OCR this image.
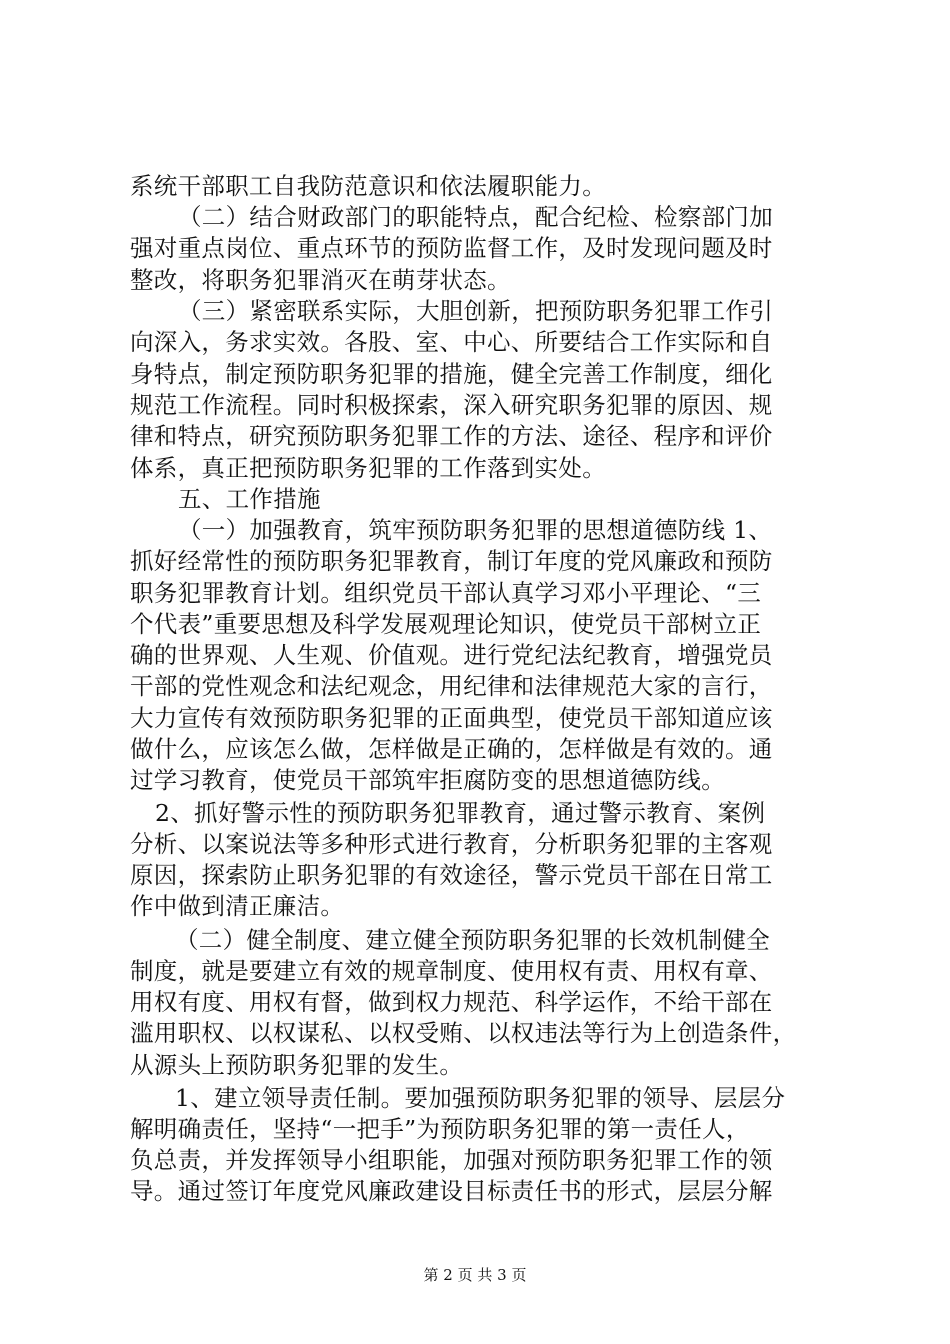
系统干部职工自我防范意识和依法履职能力。
（二）结合财政部门的职能特点，配合纪检、检察部门加
强对重点岗位、重点环节的预防监督工作，及时发现问题及时
整改，将职务犯罪消灭在萌芽状态。
（三）紧密联系实际，大胆创新，把预防职务犯罪工作引
向深入，务求实效。各股、室、中心、所要结合工作实际和自
身特点，制定预防职务犯罪的措施，健全完善工作制度，细化
规范工作流程。同时积极探索，深入研究职务犯罪的原因、规
律和特点，研究预防职务犯罪工作的方法、途径、程序和评价
体系，真正把预防职务犯罪的工作落到实处。
五、工作措施
（一）加强教育，筑牢预防职务犯罪的思想道德防线 1、
抓好经常性的预防职务犯罪教育，制订年度的党风廉政和预防
职务犯罪教育计划。组织党员干部认真学习邓小平理论、“三
个代表”重要思想及科学发展观理论知识，使党员干部树立正
确的世界观、人生观、价值观。进行党纪法纪教育，增强党员
干部的党性观念和法纪观念，用纪律和法律规范大家的言行，
大力宣传有效预防职务犯罪的正面典型，使党员干部知道应该
做什么，应该怎么做，怎样做是正确的，怎样做是有效的。通
过学习教育，使党员干部筑牢拒腐防变的思想道德防线。
2、抓好警示性的预防职务犯罪教育，通过警示教育、案例
分析、以案说法等多种形式进行教育，分析职务犯罪的主客观
原因，探索防止职务犯罪的有效途径，警示党员干部在日常工
作中做到清正廉洁。
（二）健全制度、建立健全预防职务犯罪的长效机制健全
制度，就是要建立有效的规章制度、使用权有责、用权有章、
用权有度、用权有督，做到权力规范、科学运作，不给干部在
滥用职权、以权谋私、以权受贿、以权违法等行为上创造条件，
从源头上预防职务犯罪的发生。
1、建立领导责任制。要加强预防职务犯罪的领导、层层分
解明确责任，坚持“一把手”为预防职务犯罪的第一责任人，
负总责，并发挥领导小组职能，加强对预防职务犯罪工作的领
导。通过签订年度党风廉政建设目标责任书的形式，层层分解
第 2 页 共 3 页
